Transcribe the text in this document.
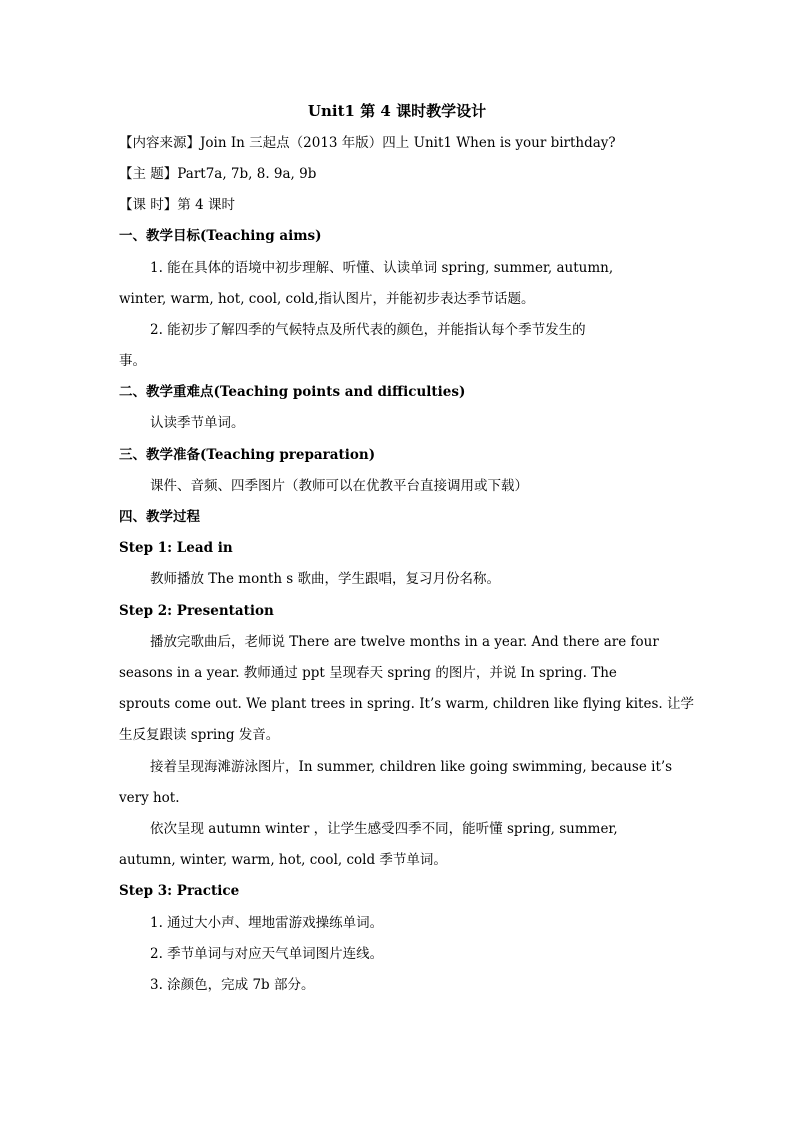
Unit1 第 4 课时教学设计
【内容来源】Join In 三起点（2013 年版）四上 Unit1 When is your birthday?
【主 题】Part7a, 7b, 8. 9a, 9b
【课 时】第 4 课时
一、教学目标(Teaching aims)
1. 能在具体的语境中初步理解、听懂、认读单词 spring, summer, autumn,
winter, warm, hot, cool, cold,指认图片，并能初步表达季节话题。
2. 能初步了解四季的气候特点及所代表的颜色，并能指认每个季节发生的
事。
二、教学重难点(Teaching points and difficulties)
认读季节单词。
三、教学准备(Teaching preparation)
课件、音频、四季图片（教师可以在优教平台直接调用或下载）
四、教学过程
Step 1: Lead in
教师播放 The month s 歌曲，学生跟唱，复习月份名称。
Step 2: Presentation
播放完歌曲后，老师说 There are twelve months in a year. And there are four
seasons in a year. 教师通过 ppt 呈现春天 spring 的图片，并说 In spring. The
sprouts come out. We plant trees in spring. It’s warm, children like flying kites. 让学
生反复跟读 spring 发音。
接着呈现海滩游泳图片，In summer, children like going swimming, because it’s
very hot.
依次呈现 autumn winter ，让学生感受四季不同，能听懂 spring, summer,
autumn, winter, warm, hot, cool, cold 季节单词。
Step 3: Practice
1. 通过大小声、埋地雷游戏操练单词。
2. 季节单词与对应天气单词图片连线。
3. 涂颜色，完成 7b 部分。
